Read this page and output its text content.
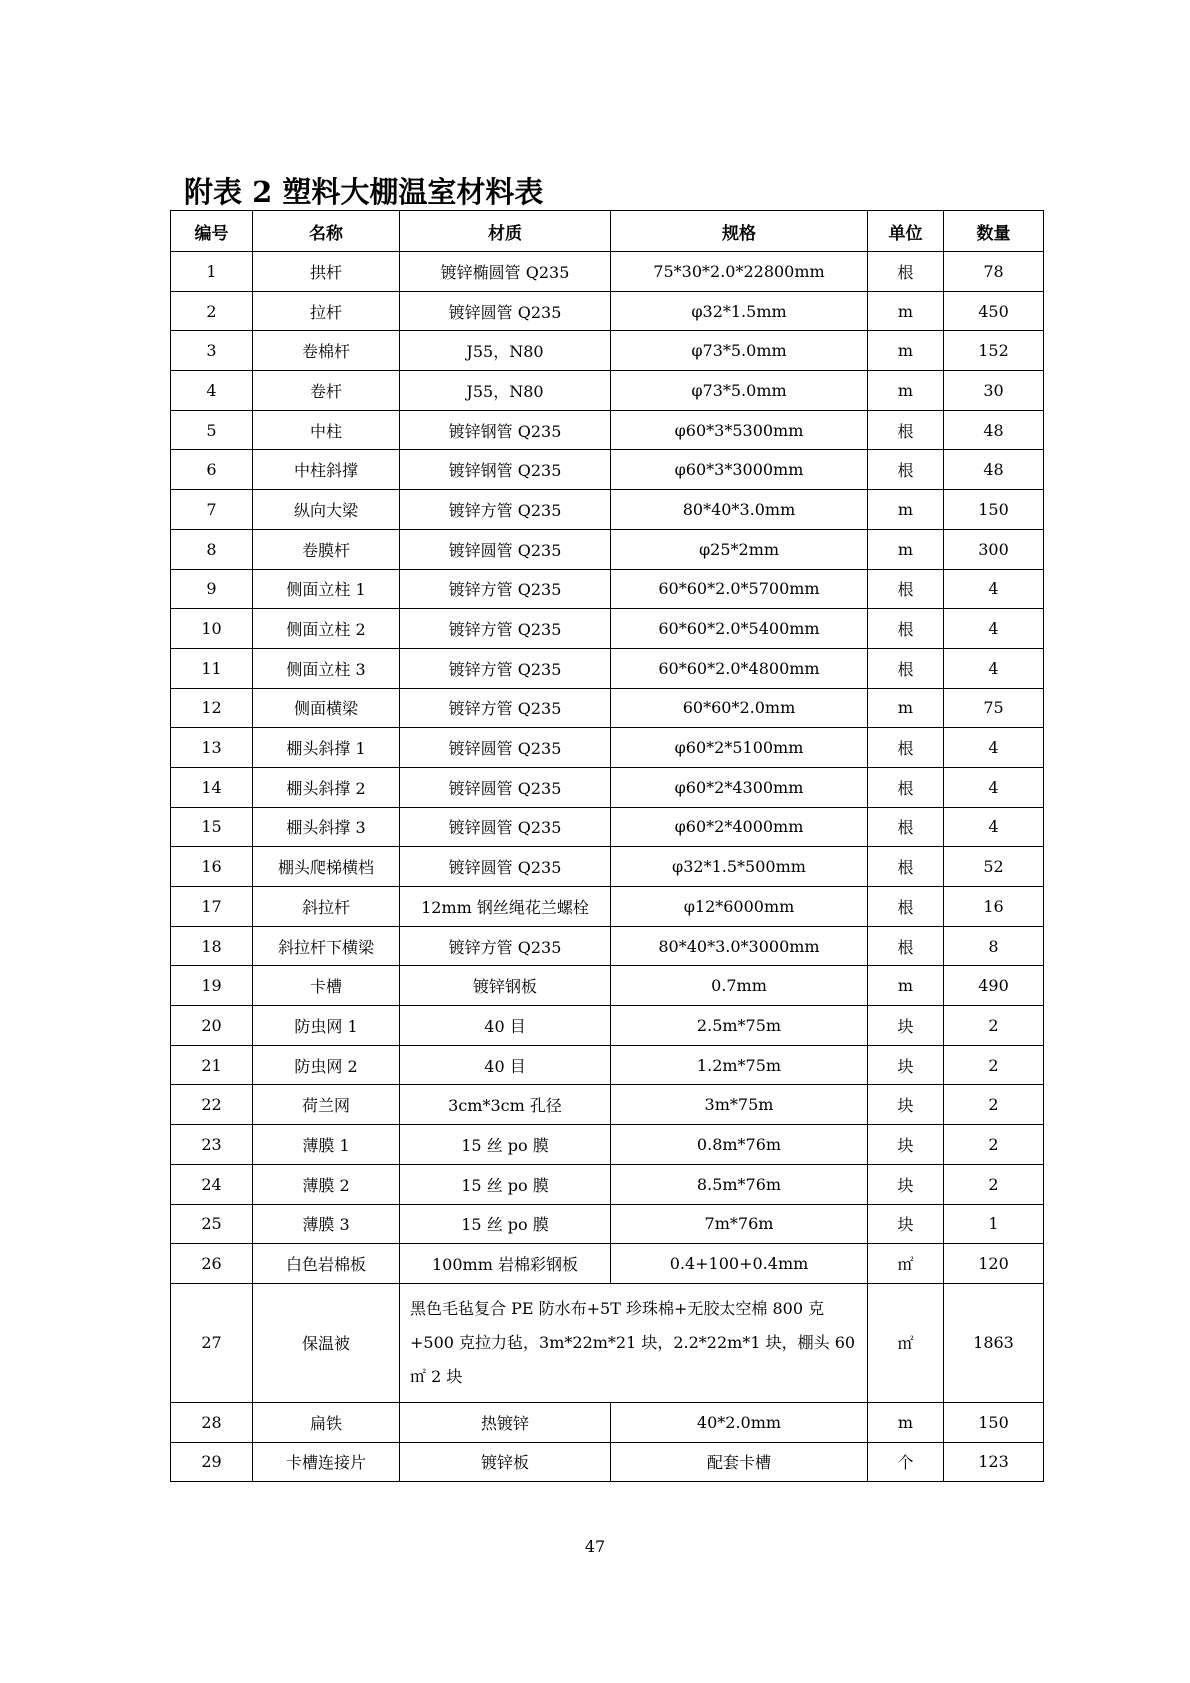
附表 2 塑料大棚温室材料表
编号	名称	材质	规格	单位	数量
1	拱杆	镀锌椭圆管 Q235	75*30*2.0*22800mm	根	78
2	拉杆	镀锌圆管 Q235	φ32*1.5mm	m	450
3	卷棉杆	J55，N80	φ73*5.0mm	m	152
4	卷杆	J55，N80	φ73*5.0mm	m	30
5	中柱	镀锌钢管 Q235	φ60*3*5300mm	根	48
6	中柱斜撑	镀锌钢管 Q235	φ60*3*3000mm	根	48
7	纵向大梁	镀锌方管 Q235	80*40*3.0mm	m	150
8	卷膜杆	镀锌圆管 Q235	φ25*2mm	m	300
9	侧面立柱 1	镀锌方管 Q235	60*60*2.0*5700mm	根	4
10	侧面立柱 2	镀锌方管 Q235	60*60*2.0*5400mm	根	4
11	侧面立柱 3	镀锌方管 Q235	60*60*2.0*4800mm	根	4
12	侧面横梁	镀锌方管 Q235	60*60*2.0mm	m	75
13	棚头斜撑 1	镀锌圆管 Q235	φ60*2*5100mm	根	4
14	棚头斜撑 2	镀锌圆管 Q235	φ60*2*4300mm	根	4
15	棚头斜撑 3	镀锌圆管 Q235	φ60*2*4000mm	根	4
16	棚头爬梯横档	镀锌圆管 Q235	φ32*1.5*500mm	根	52
17	斜拉杆	12mm 钢丝绳花兰螺栓	φ12*6000mm	根	16
18	斜拉杆下横梁	镀锌方管 Q235	80*40*3.0*3000mm	根	8
19	卡槽	镀锌钢板	0.7mm	m	490
20	防虫网 1	40 目	2.5m*75m	块	2
21	防虫网 2	40 目	1.2m*75m	块	2
22	荷兰网	3cm*3cm 孔径	3m*75m	块	2
23	薄膜 1	15 丝 po 膜	0.8m*76m	块	2
24	薄膜 2	15 丝 po 膜	8.5m*76m	块	2
25	薄膜 3	15 丝 po 膜	7m*76m	块	1
26	白色岩棉板	100mm 岩棉彩钢板	0.4+100+0.4mm	㎡	120
27	保温被	黑色毛毡复合 PE 防水布+5T 珍珠棉+无胶太空棉 800 克+500 克拉力毡，3m*22m*21 块，2.2*22m*1 块，棚头 60㎡ 2 块		㎡	1863
28	扁铁	热镀锌	40*2.0mm	m	150
29	卡槽连接片	镀锌板	配套卡槽	个	123
47
